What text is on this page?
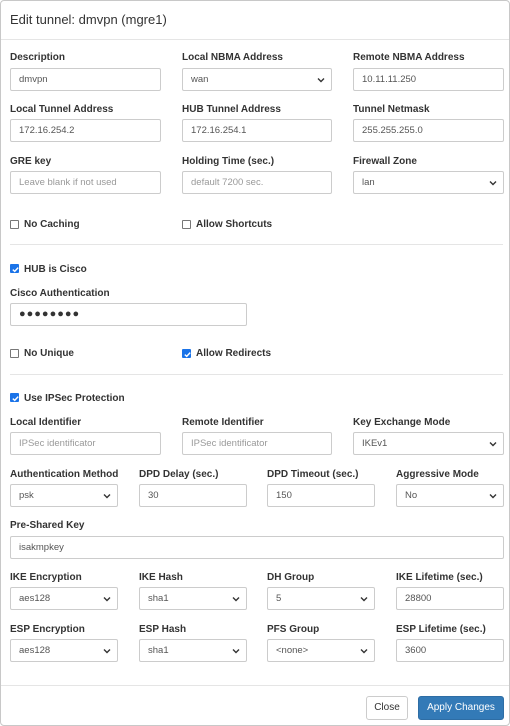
Edit tunnel: dmvpn (mgre1)
Description
dmvpn
Local NBMA Address
wan
Remote NBMA Address
10.11.11.250
Local Tunnel Address
172.16.254.2
HUB Tunnel Address
172.16.254.1
Tunnel Netmask
255.255.255.0
GRE key
Leave blank if not used
Holding Time (sec.)
default 7200 sec.
Firewall Zone
lan
No Caching	Allow Shortcuts
HUB is Cisco
Cisco Authentication
●●●●●●●●
No Unique	Allow Redirects
Use IPSec Protection
Local Identifier
IPSec identificator
Remote Identifier
IPSec identificator
Key Exchange Mode
IKEv1
Authentication Method
psk
DPD Delay (sec.)
30
DPD Timeout (sec.)
150
Aggressive Mode
No
Pre-Shared Key
isakmpkey
IKE Encryption
aes128
IKE Hash
sha1
DH Group
5
IKE Lifetime (sec.)
28800
ESP Encryption
aes128
ESP Hash
sha1
PFS Group
<none>
ESP Lifetime (sec.)
3600
Close	Apply Changes
